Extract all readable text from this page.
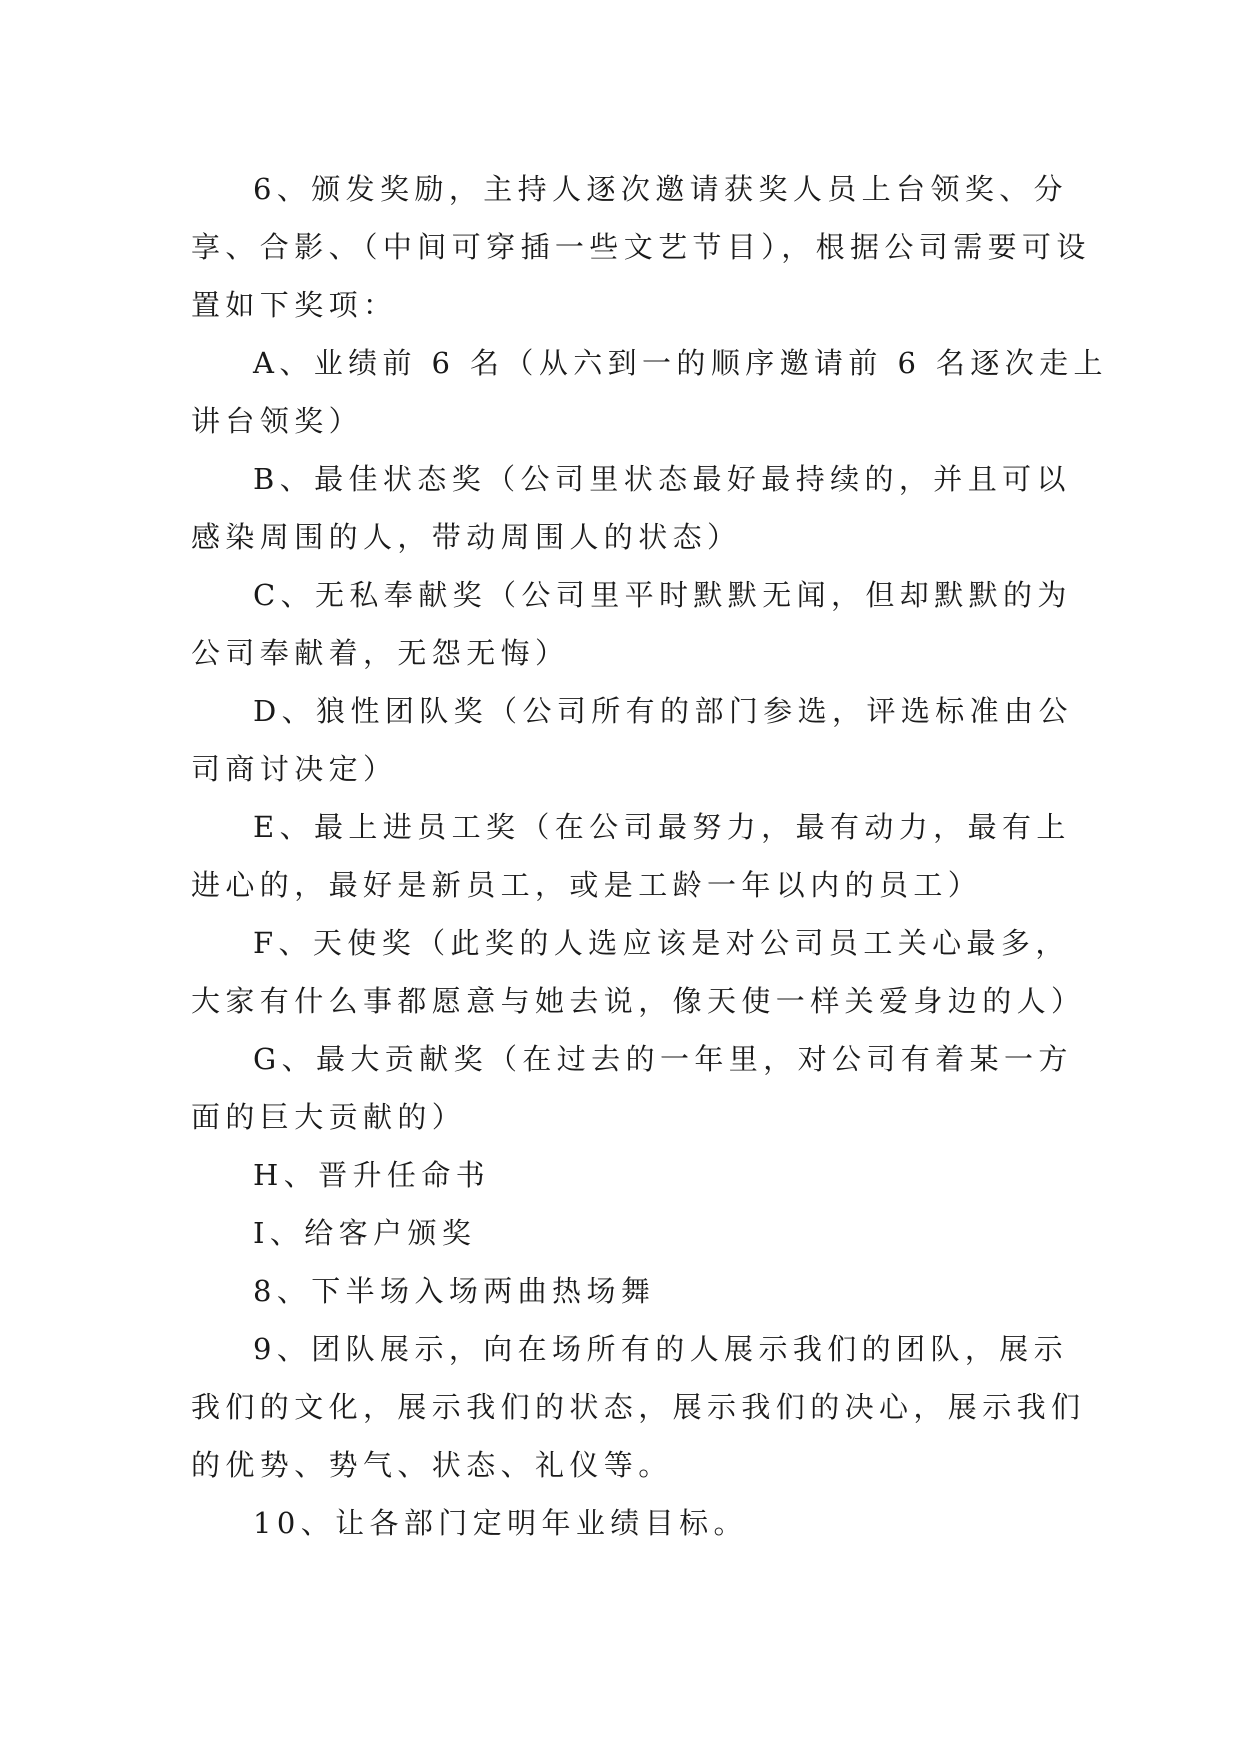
6、颁发奖励，主持人逐次邀请获奖人员上台领奖、分
享、合影、（中间可穿插一些文艺节目），根据公司需要可设
置如下奖项：

A、业绩前 6 名（从六到一的顺序邀请前 6 名逐次走上
讲台领奖）

B、最佳状态奖（公司里状态最好最持续的，并且可以
感染周围的人，带动周围人的状态）

C、无私奉献奖（公司里平时默默无闻，但却默默的为
公司奉献着，无怨无悔）

D、狼性团队奖（公司所有的部门参选，评选标准由公
司商讨决定）

E、最上进员工奖（在公司最努力，最有动力，最有上
进心的，最好是新员工，或是工龄一年以内的员工）

F、天使奖（此奖的人选应该是对公司员工关心最多，
大家有什么事都愿意与她去说，像天使一样关爱身边的人）

G、最大贡献奖（在过去的一年里，对公司有着某一方
面的巨大贡献的）

H、晋升任命书

I、给客户颁奖

8、下半场入场两曲热场舞

9、团队展示，向在场所有的人展示我们的团队，展示
我们的文化，展示我们的状态，展示我们的决心，展示我们
的优势、势气、状态、礼仪等。

10、让各部门定明年业绩目标。
